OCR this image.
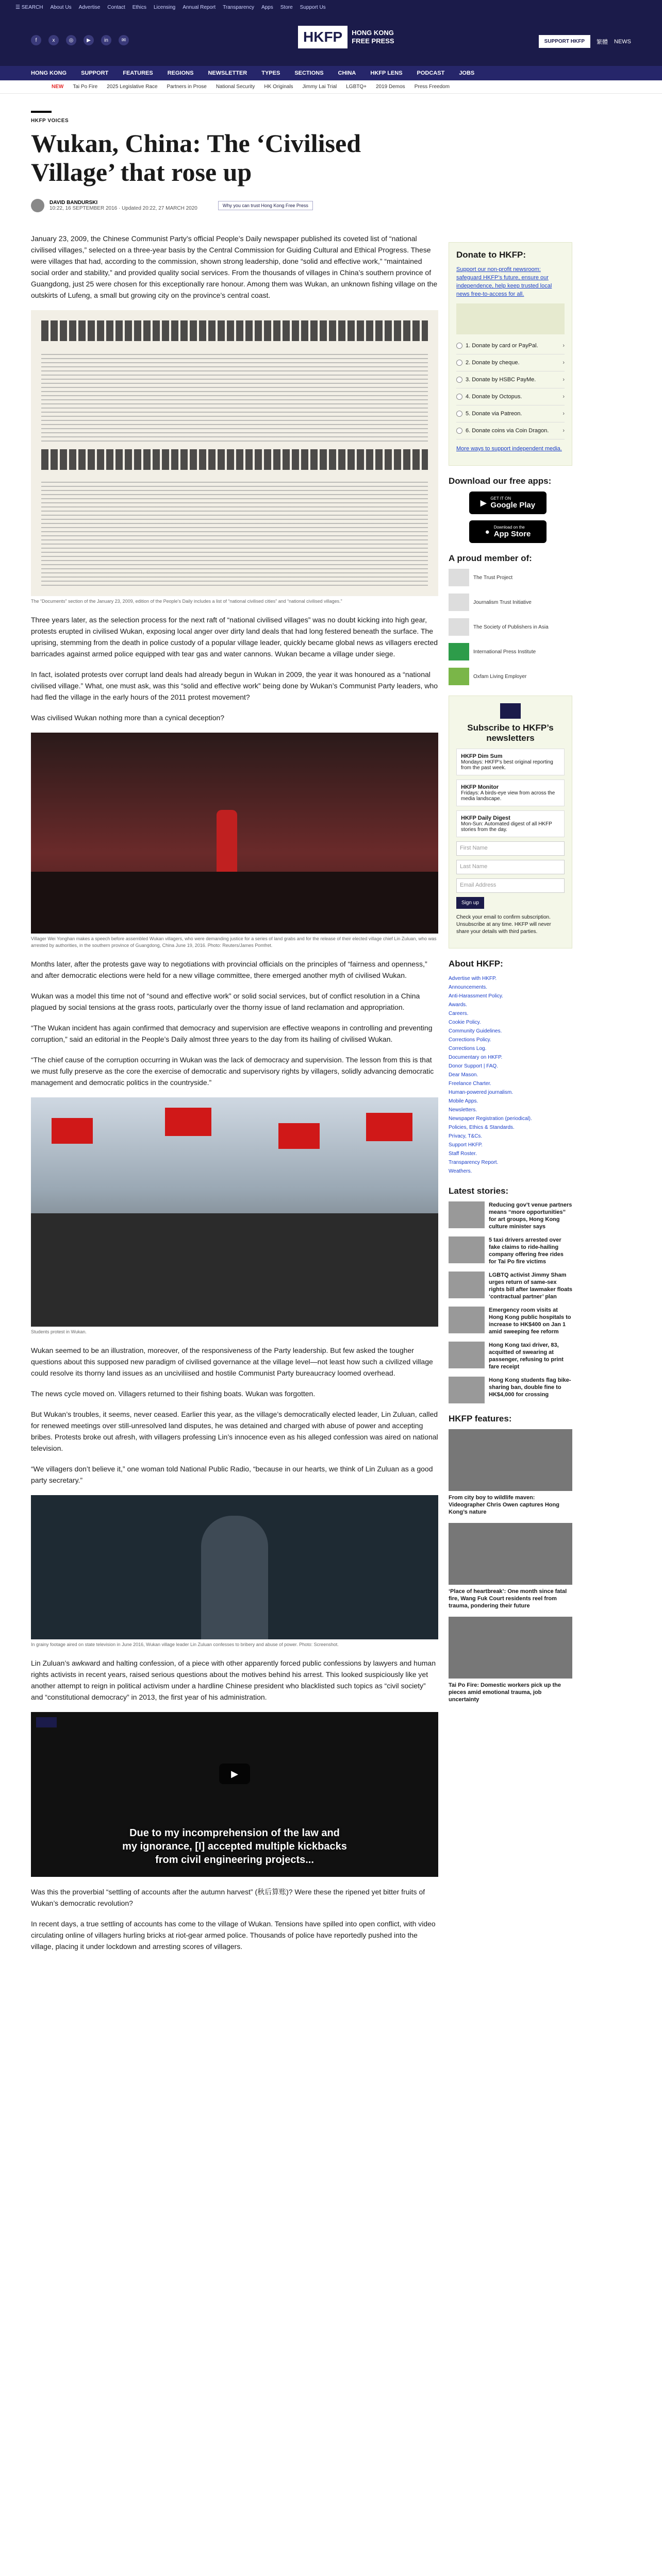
☰ SEARCH About Us Advertise Contact Ethics Licensing Annual Report Transparency Apps Store Support Us
f	x	◎	▶	in	✉	HKFP	HONG KONG
FREE PRESS	SUPPORT HKFP	繁體 NEWS
HONG KONG	SUPPORT	FEATURES	REGIONS	NEWSLETTER	TYPES	SECTIONS	CHINA	HKFP LENS	PODCAST	JOBS
NEW Tai Po Fire 2025 Legislative Race Partners in Prose National Security HK Originals Jimmy Lai Trial LGBTQ+ 2019 Demos Press Freedom
HKFP VOICES
Wukan, China: The ‘Civilised Village’ that rose up
DAVID BANDURSKI
10:22, 16 SEPTEMBER 2016 · Updated 20:22, 27 MARCH 2020	Why you can trust Hong Kong Free Press

January 23, 2009, the Chinese Communist Party’s official People’s Daily newspaper published its coveted list of “national civilised villages,” selected on a three-year basis by the Central Commission for Guiding Cultural and Ethical Progress. These were villages that had, according to the commission, shown strong leadership, done “solid and effective work,” “maintained social order and stability,” and provided quality social services. From the thousands of villages in China’s southern province of Guangdong, just 25 were chosen for this exceptionally rare honour. Among them was Wukan, an unknown fishing village on the outskirts of Lufeng, a small but growing city on the province’s central coast.

The “Documents” section of the January 23, 2009, edition of the People’s Daily includes a list of “national civilised cities” and “national civilised villages.”

Three years later, as the selection process for the next raft of “national civilised villages” was no doubt kicking into high gear, protests erupted in civilised Wukan, exposing local anger over dirty land deals that had long festered beneath the surface. The uprising, stemming from the death in police custody of a popular village leader, quickly became global news as villagers erected barricades against armed police equipped with tear gas and water cannons. Wukan became a village under siege.

In fact, isolated protests over corrupt land deals had already begun in Wukan in 2009, the year it was honoured as a “national civilised village.” What, one must ask, was this “solid and effective work” being done by Wukan’s Communist Party leaders, who had fled the village in the early hours of the 2011 protest movement?

Was civilised Wukan nothing more than a cynical deception?

Villager Wei Yonghan makes a speech before assembled Wukan villagers, who were demanding justice for a series of land grabs and for the release of their elected village chief Lin Zuluan, who was arrested by authorities, in the southern province of Guangdong, China June 19, 2016. Photo: Reuters/James Pomfret.

Months later, after the protests gave way to negotiations with provincial officials on the principles of “fairness and openness,” and after democratic elections were held for a new village committee, there emerged another myth of civilised Wukan.

Wukan was a model this time not of “sound and effective work” or solid social services, but of conflict resolution in a China plagued by social tensions at the grass roots, particularly over the thorny issue of land reclamation and appropriation.

“The Wukan incident has again confirmed that democracy and supervision are effective weapons in controlling and preventing corruption,” said an editorial in the People’s Daily almost three years to the day from its hailing of civilised Wukan.

“The chief cause of the corruption occurring in Wukan was the lack of democracy and supervision. The lesson from this is that we must fully preserve as the core the exercise of democratic and supervisory rights by villagers, solidly advancing democratic management and democratic politics in the countryside.”

Students protest in Wukan.

Wukan seemed to be an illustration, moreover, of the responsiveness of the Party leadership. But few asked the tougher questions about this supposed new paradigm of civilised governance at the village level—not least how such a civilized village could resolve its thorny land issues as an unciviliised and hostile Communist Party bureaucracy loomed overhead.

The news cycle moved on. Villagers returned to their fishing boats. Wukan was forgotten.

But Wukan’s troubles, it seems, never ceased. Earlier this year, as the village’s democratically elected leader, Lin Zuluan, called for renewed meetings over still-unresolved land disputes, he was detained and charged with abuse of power and accepting bribes. Protests broke out afresh, with villagers professing Lin’s innocence even as his alleged confession was aired on national television.

“We villagers don’t believe it,” one woman told National Public Radio, “because in our hearts, we think of Lin Zuluan as a good party secretary.”

In grainy footage aired on state television in June 2016, Wukan village leader Lin Zuluan confesses to bribery and abuse of power. Photo: Screenshot.

Lin Zuluan’s awkward and halting confession, of a piece with other apparently forced public confessions by lawyers and human rights activists in recent years, raised serious questions about the motives behind his arrest. This looked suspiciously like yet another attempt to reign in political activism under a hardline Chinese president who blacklisted such topics as “civil society” and “constitutional democracy” in 2013, the first year of his administration.

▶
Due to my incomprehension of the law and
my ignorance, [I] accepted multiple kickbacks
from civil engineering projects...

Was this the proverbial “settling of accounts after the autumn harvest” (秋后算账)? Were these the ripened yet bitter fruits of Wukan’s democratic revolution?

In recent days, a true settling of accounts has come to the village of Wukan. Tensions have spilled into open conflict, with video circulating online of villagers hurling bricks at riot-gear armed police. Thousands of police have reportedly pushed into the village, placing it under lockdown and arresting scores of villagers.

Donate to HKFP:

Support our non-profit newsroom: safeguard HKFP’s future, ensure our independence, help keep trusted local news free-to-access for all.

1. Donate by card or PayPal.	›
2. Donate by cheque.	›
3. Donate by HSBC PayMe.	›
4. Donate by Octopus.	›
5. Donate via Patreon.	›
6. Donate coins via Coin Dragon. ›

More ways to support independent media.

Download our free apps:
▶
GET IT ON
Google Play
● Download on the
App Store
A proud member of:
The Trust Project
Journalism Trust Initiative
The Society of Publishers in Asia
International Press Institute
Oxfam Living Employer
Subscribe to HKFP’s newsletters
HKFP Dim Sum
Mondays: HKFP’s best original reporting from the past week.
HKFP Monitor
Fridays: A birds-eye view from across the media landscape.
HKFP Daily Digest
Mon-Sun: Automated digest of all HKFP stories from the day.
First Name
Last Name
Email Address
Sign up

Check your email to confirm subscription. Unsubscribe at any time. HKFP will never share your details with third parties.

About HKFP:
Advertise with HKFP.
Announcements.
Anti-Harassment Policy.
Awards.
Careers.
Cookie Policy.
Community Guidelines.
Corrections Policy.
Corrections Log.
Documentary on HKFP.
Donor Support | FAQ.
Dear Mason.
Freelance Charter.
Human-powered journalism.
Mobile Apps.
Newsletters.
Newspaper Registration (periodical).
Policies, Ethics & Standards.
Privacy, T&Cs.
Support HKFP.
Staff Roster.
Transparency Report.
Weathers.
Latest stories:
Reducing gov’t venue partners means “more opportunities” for art groups, Hong Kong culture minister says
5 taxi drivers arrested over fake claims to ride-hailing company offering free rides for Tai Po fire victims
LGBTQ activist Jimmy Sham urges return of same-sex rights bill after lawmaker floats ‘contractual partner’ plan
Emergency room visits at Hong Kong public hospitals to increase to HK$400 on Jan 1 amid sweeping fee reform
Hong Kong taxi driver, 83, acquitted of swearing at passenger, refusing to print fare receipt
Hong Kong students flag bike-sharing ban, double fine to HK$4,000 for crossing
HKFP features:
From city boy to wildlife maven: Videographer Chris Owen captures Hong Kong’s nature
‘Place of heartbreak’: One month since fatal fire, Wang Fuk Court residents reel from trauma, pondering their future
Tai Po Fire: Domestic workers pick up the pieces amid emotional trauma, job uncertainty
